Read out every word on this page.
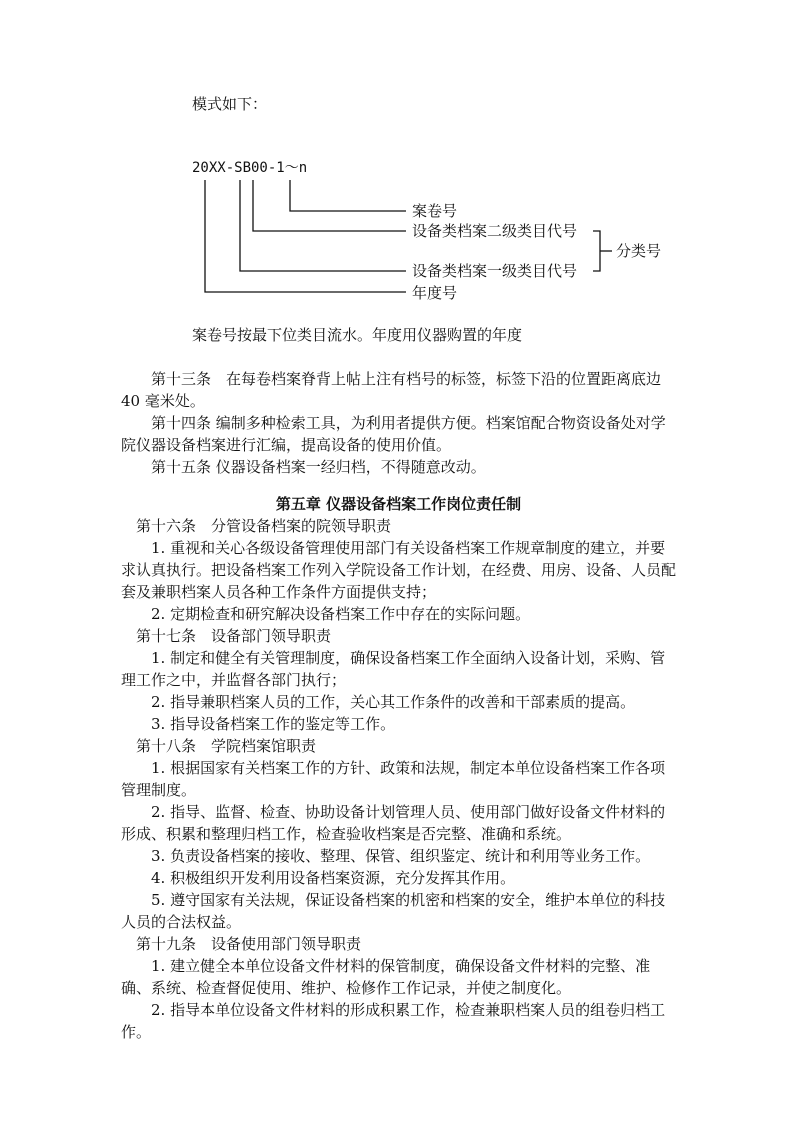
模式如下：
20XX-SB00-1～n
案卷号
设备类档案二级类目代号
分类号
设备类档案一级类目代号
年度号
案卷号按最下位类目流水。年度用仪器购置的年度

第十三条　在每卷档案脊背上帖上注有档号的标签，标签下沿的位置距离底边 40 毫米处。

第十四条 编制多种检索工具，为利用者提供方便。档案馆配合物资设备处对学院仪器设备档案进行汇编，提高设备的使用价值。

第十五条 仪器设备档案一经归档，不得随意改动。

第五章 仪器设备档案工作岗位责任制

第十六条　分管设备档案的院领导职责

1. 重视和关心各级设备管理使用部门有关设备档案工作规章制度的建立，并要求认真执行。把设备档案工作列入学院设备工作计划，在经费、用房、设备、人员配套及兼职档案人员各种工作条件方面提供支持；

2. 定期检查和研究解决设备档案工作中存在的实际问题。

第十七条　设备部门领导职责

1. 制定和健全有关管理制度，确保设备档案工作全面纳入设备计划，采购、管理工作之中，并监督各部门执行；

2. 指导兼职档案人员的工作，关心其工作条件的改善和干部素质的提高。

3. 指导设备档案工作的鉴定等工作。

第十八条　学院档案馆职责

1. 根据国家有关档案工作的方针、政策和法规，制定本单位设备档案工作各项管理制度。

2. 指导、监督、检查、协助设备计划管理人员、使用部门做好设备文件材料的形成、积累和整理归档工作，检查验收档案是否完整、准确和系统。

3. 负责设备档案的接收、整理、保管、组织鉴定、统计和利用等业务工作。

4. 积极组织开发利用设备档案资源，充分发挥其作用。

5. 遵守国家有关法规，保证设备档案的机密和档案的安全，维护本单位的科技人员的合法权益。

第十九条　设备使用部门领导职责

1. 建立健全本单位设备文件材料的保管制度，确保设备文件材料的完整、准确、系统、检查督促使用、维护、检修作工作记录，并使之制度化。

2. 指导本单位设备文件材料的形成积累工作，检查兼职档案人员的组卷归档工作。
